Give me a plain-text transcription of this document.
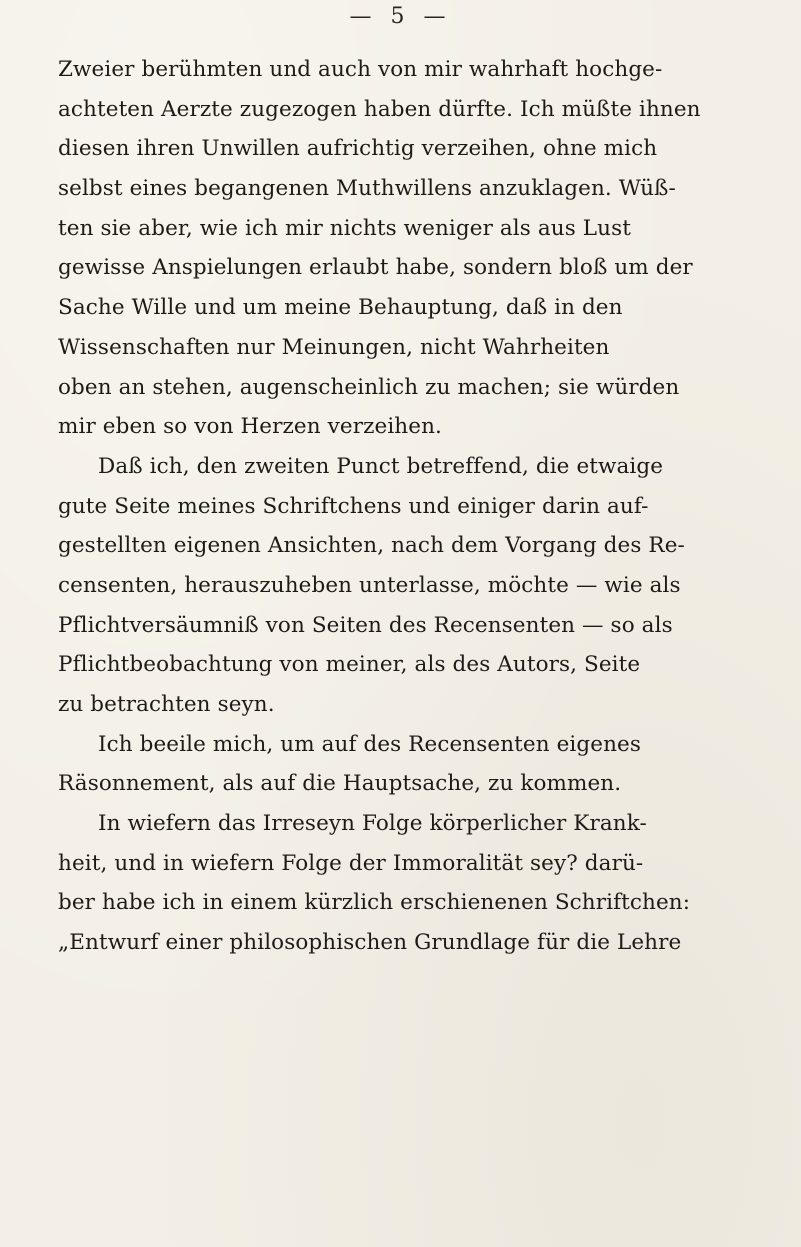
— 5 —
Zweier berühmten und auch von mir wahrhaft hochge-
achteten Aerzte zugezogen haben dürfte. Ich müßte ihnen
diesen ihren Unwillen aufrichtig verzeihen, ohne mich
selbst eines begangenen Muthwillens anzuklagen. Wüß-
ten sie aber, wie ich mir nichts weniger als aus Lust
gewisse Anspielungen erlaubt habe, sondern bloß um der
Sache Wille und um meine Behauptung, daß in den
Wissenschaften nur Meinungen, nicht Wahrheiten
oben an stehen, augenscheinlich zu machen; sie würden
mir eben so von Herzen verzeihen.
Daß ich, den zweiten Punct betreffend, die etwaige
gute Seite meines Schriftchens und einiger darin auf-
gestellten eigenen Ansichten, nach dem Vorgang des Re-
censenten, herauszuheben unterlasse, möchte — wie als
Pflichtversäumniß von Seiten des Recensenten — so als
Pflichtbeobachtung von meiner, als des Autors, Seite
zu betrachten seyn.
Ich beeile mich, um auf des Recensenten eigenes
Räsonnement, als auf die Hauptsache, zu kommen.
In wiefern das Irreseyn Folge körperlicher Krank-
heit, und in wiefern Folge der Immoralität sey? darü-
ber habe ich in einem kürzlich erschienenen Schriftchen:
„Entwurf einer philosophischen Grundlage für die Lehre
